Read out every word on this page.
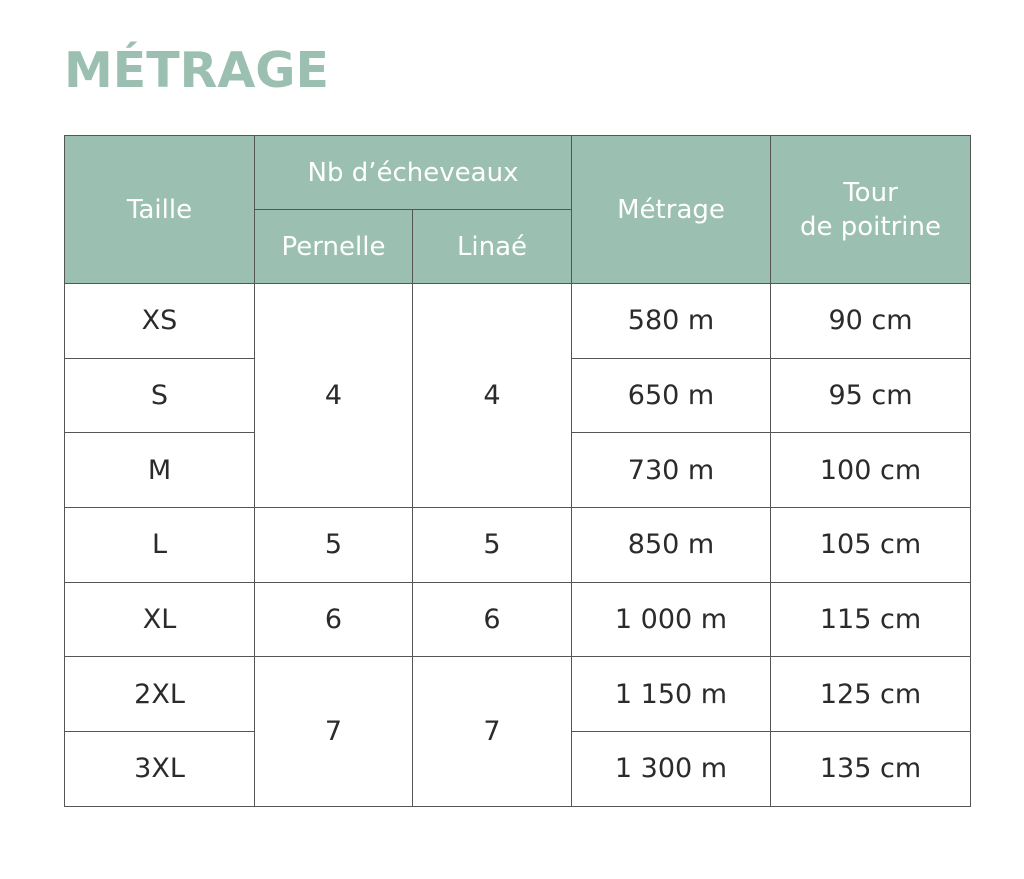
MÉTRAGE
Taille	Nb d’écheveaux		Métrage	Tour
de poitrine
	Pernelle	Linaé		
XS	4	4	580 m	90 cm
S			650 m	95 cm
M			730 m	100 cm
L	5	5	850 m	105 cm
XL	6	6	1 000 m	115 cm
2XL	7	7	1 150 m	125 cm
3XL			1 300 m	135 cm
